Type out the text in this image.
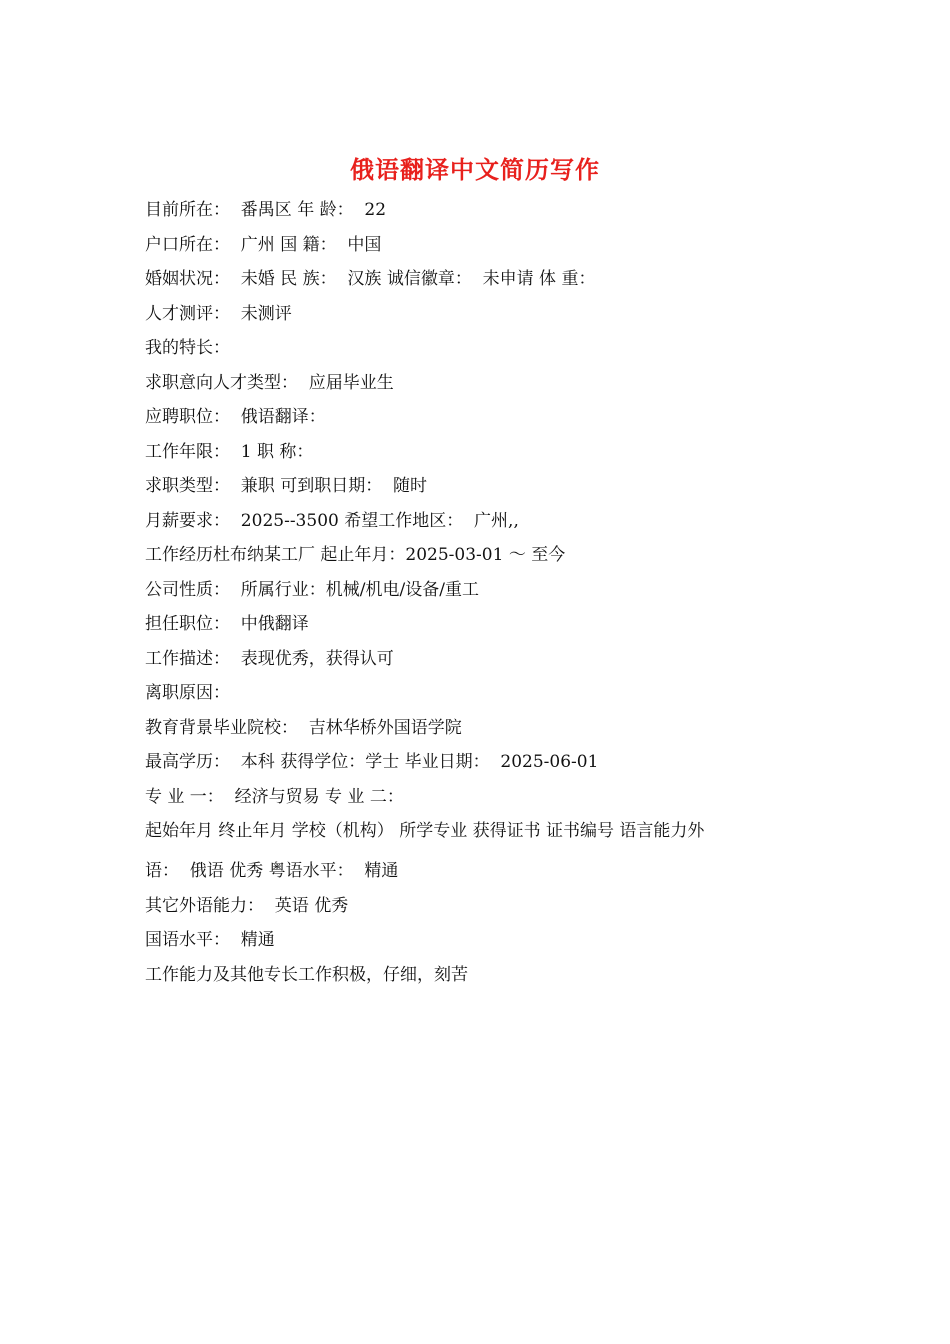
俄语翻译中文简历写作
目前所在：  番禺区 年 龄：  22
户口所在：  广州 国 籍：  中国
婚姻状况：  未婚 民 族：  汉族 诚信徽章：  未申请 体 重：
人才测评：  未测评
我的特长：
求职意向人才类型：  应届毕业生
应聘职位：  俄语翻译：
工作年限：  1 职 称：
求职类型：  兼职 可到职日期：  随时
月薪要求：  2025--3500 希望工作地区：  广州,,
工作经历杜布纳某工厂 起止年月：2025-03-01 ～ 至今
公司性质：  所属行业：机械/机电/设备/重工
担任职位：  中俄翻译
工作描述：  表现优秀，获得认可
离职原因：
教育背景毕业院校：  吉林华桥外国语学院
最高学历：  本科 获得学位：学士 毕业日期：  2025-06-01
专 业 一：  经济与贸易 专 业 二：
起始年月 终止年月 学校（机构） 所学专业 获得证书 证书编号 语言能力外
语：  俄语 优秀 粤语水平：  精通
其它外语能力：  英语 优秀
国语水平：  精通
工作能力及其他专长工作积极，仔细，刻苦
